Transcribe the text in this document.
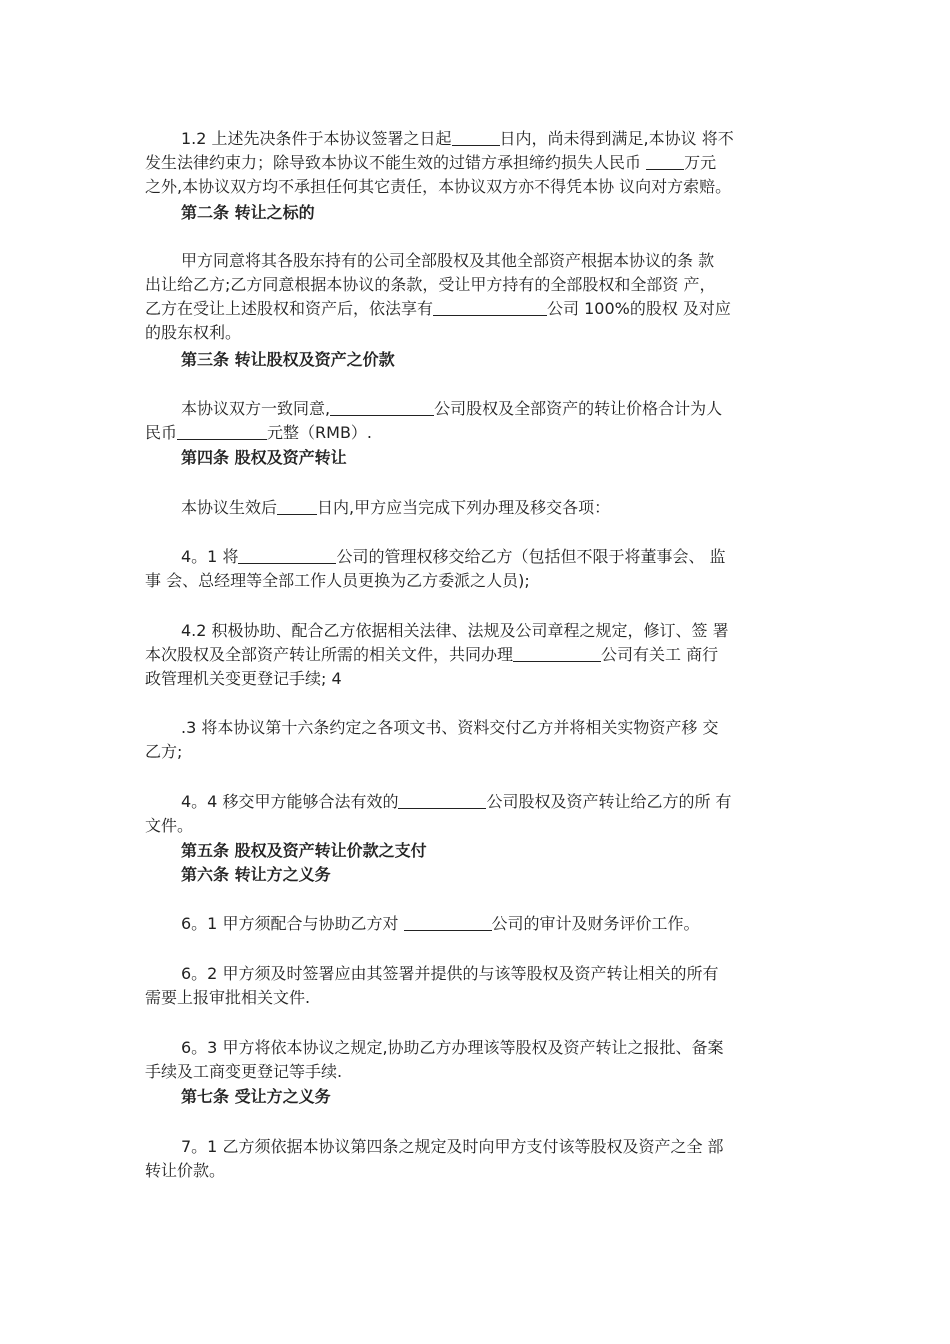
1.2 上述先决条件于本协议签署之日起	日内，尚未得到满足,本协议 将不
发生法律约束力；除导致本协议不能生效的过错方承担缔约损失人民币 万元
之外,本协议双方均不承担任何其它责任，本协议双方亦不得凭本协 议向对方索赔。
第二条 转让之标的
甲方同意将其各股东持有的公司全部股权及其他全部资产根据本协议的条 款
出让给乙方;乙方同意根据本协议的条款，受让甲方持有的全部股权和全部资 产，
乙方在受让上述股权和资产后，依法享有	公司 100%的股权 及对应
的股东权利。
第三条 转让股权及资产之价款
本协议双方一致同意,	公司股权及全部资产的转让价格合计为人
民币	元整（RMB）.
第四条 股权及资产转让
本协议生效后	日内,甲方应当完成下列办理及移交各项：
4。1 将	公司的管理权移交给乙方（包括但不限于将董事会、 监
事 会、总经理等全部工作人员更换为乙方委派之人员);
4.2 积极协助、配合乙方依据相关法律、法规及公司章程之规定，修订、签 署
本次股权及全部资产转让所需的相关文件，共同办理	公司有关工 商行
政管理机关变更登记手续; 4
.3 将本协议第十六条约定之各项文书、资料交付乙方并将相关实物资产移 交
乙方;
4。4 移交甲方能够合法有效的	公司股权及资产转让给乙方的所 有
文件。
第五条 股权及资产转让价款之支付
第六条 转让方之义务
6。1 甲方须配合与协助乙方对	公司的审计及财务评价工作。
6。2 甲方须及时签署应由其签署并提供的与该等股权及资产转让相关的所有
需要上报审批相关文件.
6。3 甲方将依本协议之规定,协助乙方办理该等股权及资产转让之报批、备案
手续及工商变更登记等手续.
第七条 受让方之义务
7。1 乙方须依据本协议第四条之规定及时向甲方支付该等股权及资产之全 部
转让价款。
